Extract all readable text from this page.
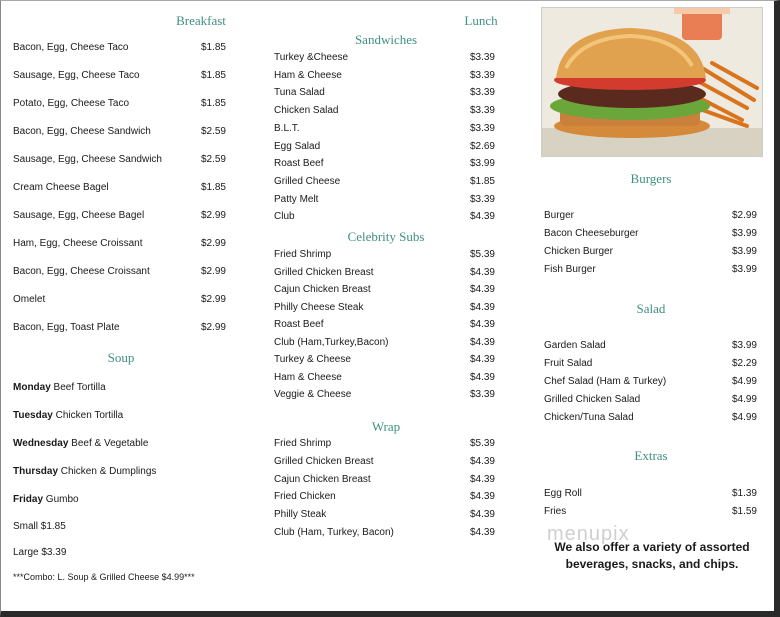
Breakfast
Bacon, Egg, Cheese Taco	$1.85
Sausage, Egg, Cheese Taco	$1.85
Potato, Egg, Cheese Taco	$1.85
Bacon, Egg, Cheese Sandwich	$2.59
Sausage, Egg, Cheese Sandwich	$2.59
Cream Cheese Bagel	$1.85
Sausage, Egg, Cheese Bagel	$2.99
Ham, Egg, Cheese Croissant	$2.99
Bacon, Egg, Cheese Croissant	$2.99
Omelet	$2.99
Bacon, Egg, Toast Plate	$2.99
Soup
Monday Beef Tortilla
Tuesday Chicken Tortilla
Wednesday Beef & Vegetable
Thursday Chicken & Dumplings
Friday Gumbo
Small $1.85
Large $3.39
***Combo: L. Soup & Grilled Cheese $4.99***
Lunch
Sandwiches
Turkey &Cheese	$3.39
Ham & Cheese	$3.39
Tuna Salad	$3.39
Chicken Salad	$3.39
B.L.T.	$3.39
Egg Salad	$2.69
Roast Beef	$3.99
Grilled Cheese	$1.85
Patty Melt	$3.39
Club	$4.39
Celebrity Subs
Fried Shrimp	$5.39
Grilled Chicken Breast	$4.39
Cajun Chicken Breast	$4.39
Philly Cheese Steak	$4.39
Roast Beef	$4.39
Club (Ham,Turkey,Bacon)	$4.39
Turkey & Cheese	$4.39
Ham & Cheese	$4.39
Veggie & Cheese	$3.39
Wrap
Fried Shrimp	$5.39
Grilled Chicken Breast	$4.39
Cajun Chicken Breast	$4.39
Fried Chicken	$4.39
Philly Steak	$4.39
Club (Ham, Turkey, Bacon)	$4.39
Burgers
Burger	$2.99
Bacon Cheeseburger	$3.99
Chicken Burger	$3.99
Fish Burger	$3.99
Salad
Garden Salad	$3.99
Fruit Salad	$2.29
Chef Salad (Ham & Turkey)	$4.99
Grilled Chicken Salad	$4.99
Chicken/Tuna Salad	$4.99
Extras
Egg Roll	$1.39
Fries	$1.59
menupix
We also offer a variety of assorted beverages, snacks, and chips.
